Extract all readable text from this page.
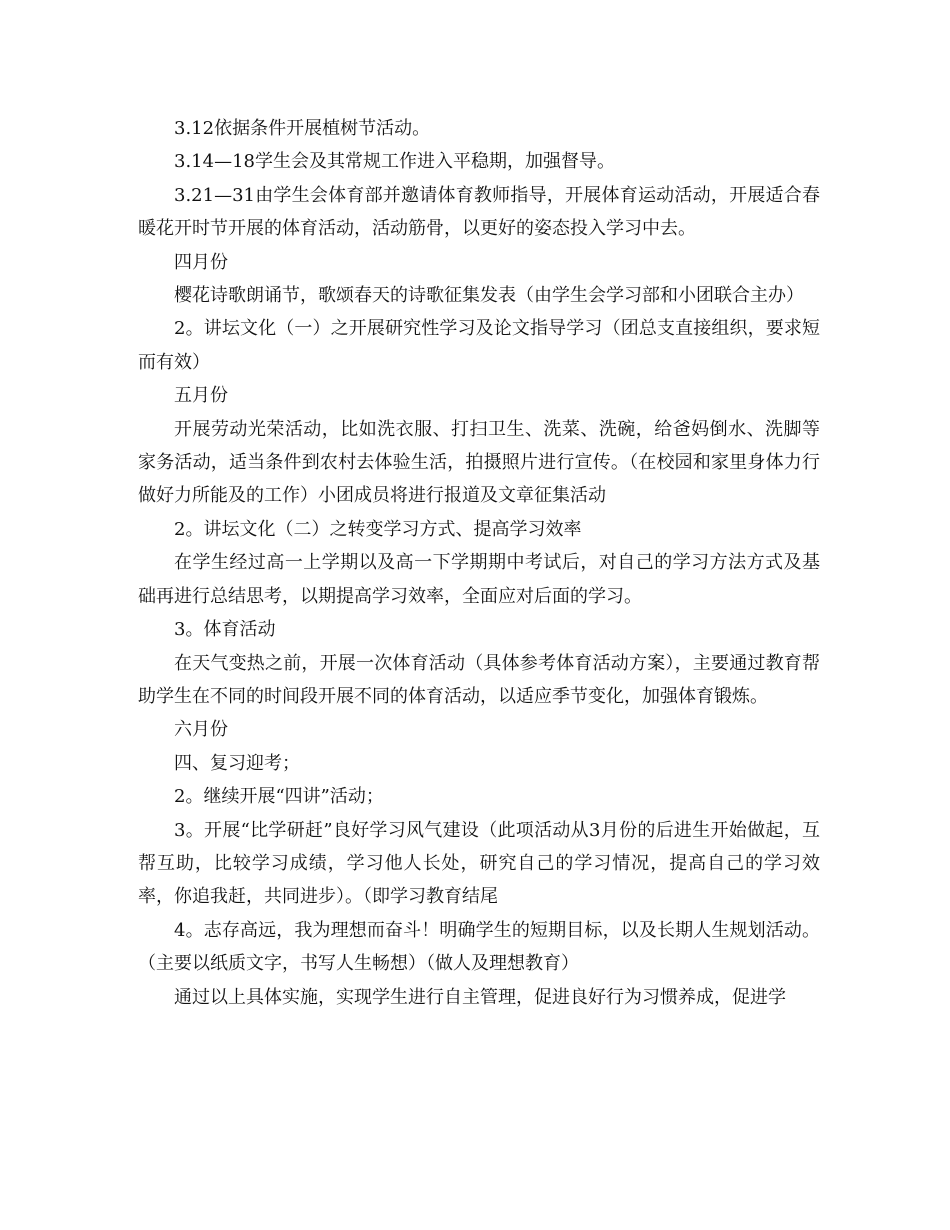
3.12依据条件开展植树节活动。

3.14—18学生会及其常规工作进入平稳期，加强督导。

3.21—31由学生会体育部并邀请体育教师指导，开展体育运动活动，开展适合春暖花开时节开展的体育活动，活动筋骨，以更好的姿态投入学习中去。

四月份

樱花诗歌朗诵节，歌颂春天的诗歌征集发表（由学生会学习部和小团联合主办）

2。讲坛文化（一）之开展研究性学习及论文指导学习（团总支直接组织，要求短而有效）

五月份

开展劳动光荣活动，比如洗衣服、打扫卫生、洗菜、洗碗，给爸妈倒水、洗脚等家务活动，适当条件到农村去体验生活，拍摄照片进行宣传。（在校园和家里身体力行做好力所能及的工作）小团成员将进行报道及文章征集活动

2。讲坛文化（二）之转变学习方式、提高学习效率

在学生经过高一上学期以及高一下学期期中考试后，对自己的学习方法方式及基础再进行总结思考，以期提高学习效率，全面应对后面的学习。

3。体育活动

在天气变热之前，开展一次体育活动（具体参考体育活动方案），主要通过教育帮助学生在不同的时间段开展不同的体育活动，以适应季节变化，加强体育锻炼。

六月份

四、复习迎考；

2。继续开展“四讲”活动；

3。开展“比学研赶”良好学习风气建设（此项活动从3月份的后进生开始做起，互帮互助，比较学习成绩，学习他人长处，研究自己的学习情况，提高自己的学习效率，你追我赶，共同进步）。（即学习教育结尾

4。志存高远，我为理想而奋斗！明确学生的短期目标，以及长期人生规划活动。（主要以纸质文字，书写人生畅想）（做人及理想教育）

通过以上具体实施，实现学生进行自主管理，促进良好行为习惯养成，促进学
